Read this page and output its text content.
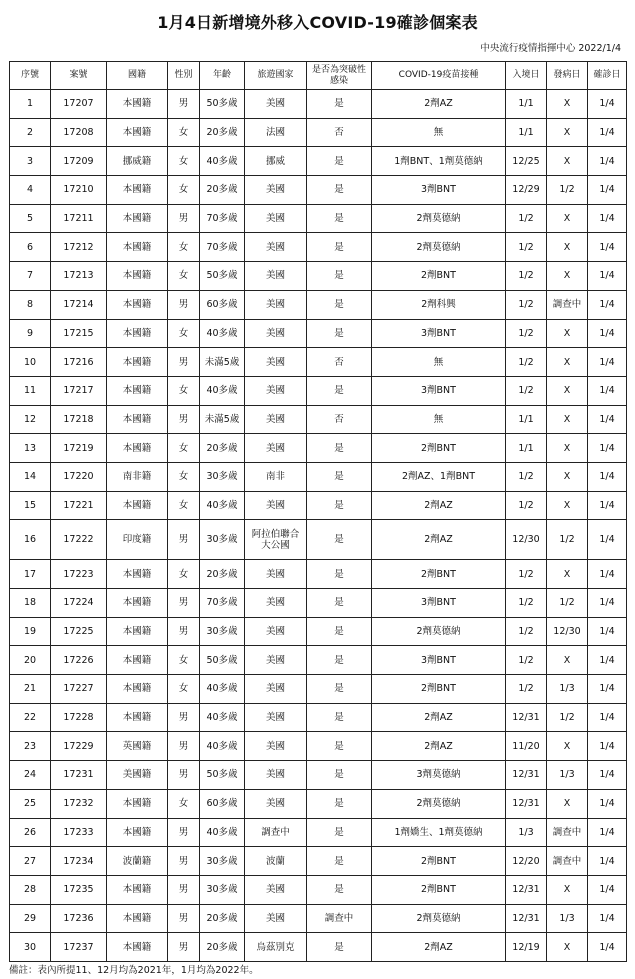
1月4日新增境外移入COVID-19確診個案表
中央流行疫情指揮中心 2022/1/4
序號	案號	國籍	性別	年齡	旅遊國家	是否為突破性感染	COVID-19疫苗接種	入境日	發病日	確診日
1	17207	本國籍	男	50多歲	美國	是	2劑AZ	1/1	X	1/4
2	17208	本國籍	女	20多歲	法國	否	無	1/1	X	1/4
3	17209	挪威籍	女	40多歲	挪威	是	1劑BNT、1劑莫德納	12/25	X	1/4
4	17210	本國籍	女	20多歲	美國	是	3劑BNT	12/29	1/2	1/4
5	17211	本國籍	男	70多歲	美國	是	2劑莫德納	1/2	X	1/4
6	17212	本國籍	女	70多歲	美國	是	2劑莫德納	1/2	X	1/4
7	17213	本國籍	女	50多歲	美國	是	2劑BNT	1/2	X	1/4
8	17214	本國籍	男	60多歲	美國	是	2劑科興	1/2	調查中	1/4
9	17215	本國籍	女	40多歲	美國	是	3劑BNT	1/2	X	1/4
10	17216	本國籍	男	未滿5歲	美國	否	無	1/2	X	1/4
11	17217	本國籍	女	40多歲	美國	是	3劑BNT	1/2	X	1/4
12	17218	本國籍	男	未滿5歲	美國	否	無	1/1	X	1/4
13	17219	本國籍	女	20多歲	美國	是	2劑BNT	1/1	X	1/4
14	17220	南非籍	女	30多歲	南非	是	2劑AZ、1劑BNT	1/2	X	1/4
15	17221	本國籍	女	40多歲	美國	是	2劑AZ	1/2	X	1/4
16	17222	印度籍	男	30多歲	阿拉伯聯合大公國	是	2劑AZ	12/30	1/2	1/4
17	17223	本國籍	女	20多歲	美國	是	2劑BNT	1/2	X	1/4
18	17224	本國籍	男	70多歲	美國	是	3劑BNT	1/2	1/2	1/4
19	17225	本國籍	男	30多歲	美國	是	2劑莫德納	1/2	12/30	1/4
20	17226	本國籍	女	50多歲	美國	是	3劑BNT	1/2	X	1/4
21	17227	本國籍	女	40多歲	美國	是	2劑BNT	1/2	1/3	1/4
22	17228	本國籍	男	40多歲	美國	是	2劑AZ	12/31	1/2	1/4
23	17229	英國籍	男	40多歲	美國	是	2劑AZ	11/20	X	1/4
24	17231	美國籍	男	50多歲	美國	是	3劑莫德納	12/31	1/3	1/4
25	17232	本國籍	女	60多歲	美國	是	2劑莫德納	12/31	X	1/4
26	17233	本國籍	男	40多歲	調查中	是	1劑嬌生、1劑莫德納	1/3	調查中	1/4
27	17234	波蘭籍	男	30多歲	波蘭	是	2劑BNT	12/20	調查中	1/4
28	17235	本國籍	男	30多歲	美國	是	2劑BNT	12/31	X	1/4
29	17236	本國籍	男	20多歲	美國	調查中	2劑莫德納	12/31	1/3	1/4
30	17237	本國籍	男	20多歲	烏茲別克	是	2劑AZ	12/19	X	1/4
備註：表內所提11、12月均為2021年，1月均為2022年。
